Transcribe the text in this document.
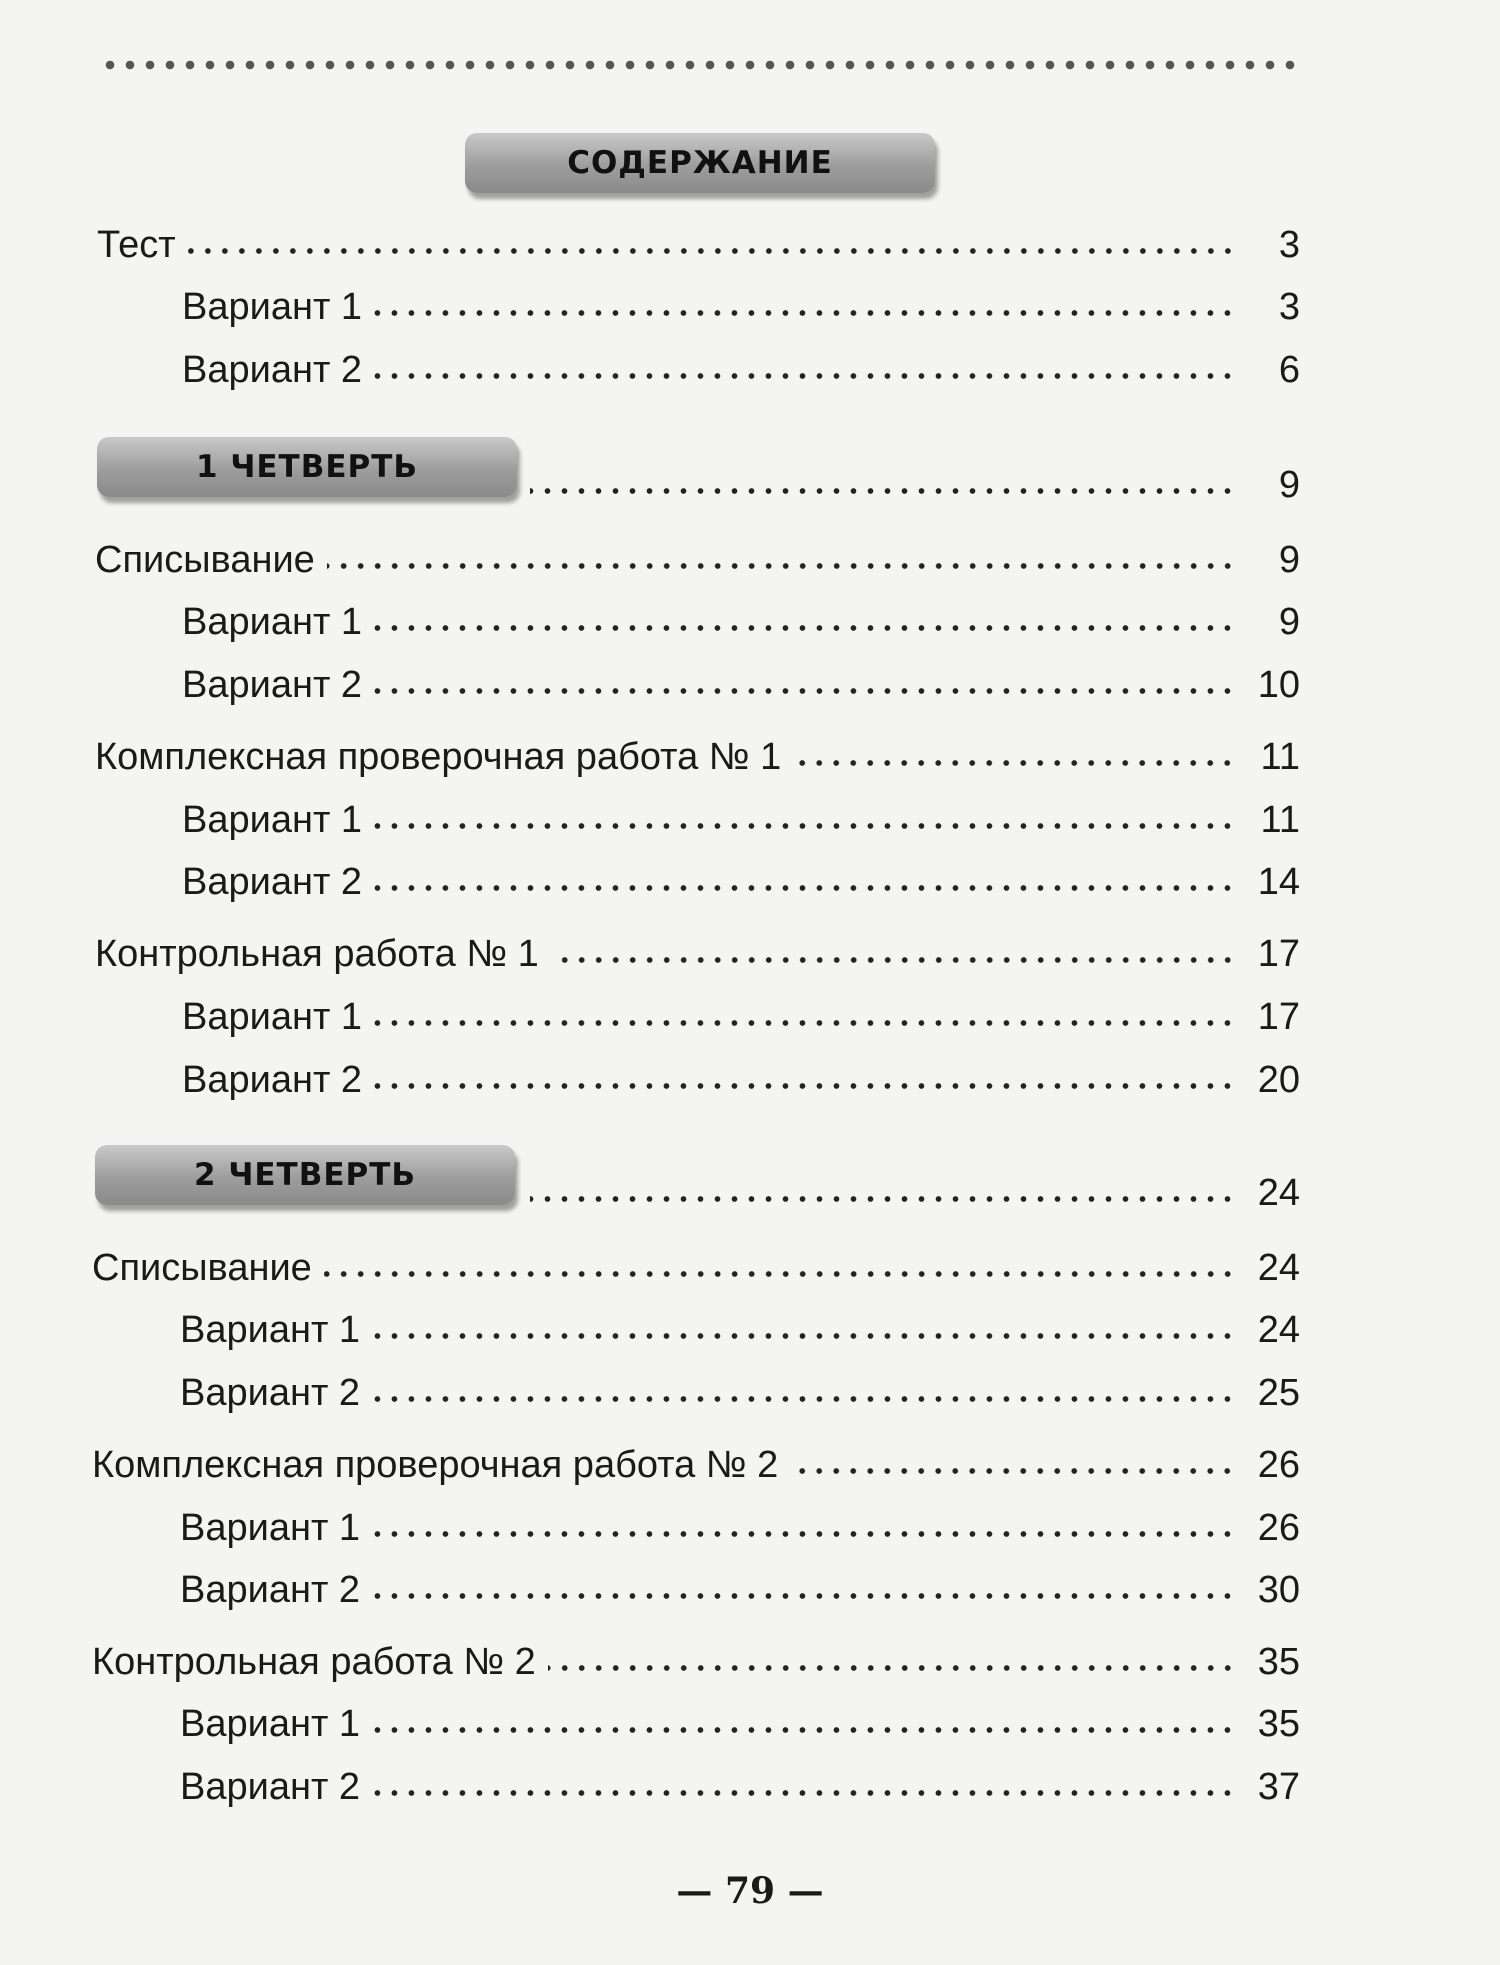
СОДЕРЖАНИЕ
Тест	3
Вариант 1	3
Вариант 2	6
1 ЧЕТВЕРТЬ	9
Списывание	9
Вариант 1	9
Вариант 2	10
Комплексная проверочная работа № 1	11
Вариант 1	11
Вариант 2	14
Контрольная работа № 1	17
Вариант 1	17
Вариант 2	20
2 ЧЕТВЕРТЬ	24
Списывание	24
Вариант 1	24
Вариант 2	25
Комплексная проверочная работа № 2	26
Вариант 1	26
Вариант 2	30
Контрольная работа № 2	35
Вариант 1	35
Вариант 2	37
— 79 —
